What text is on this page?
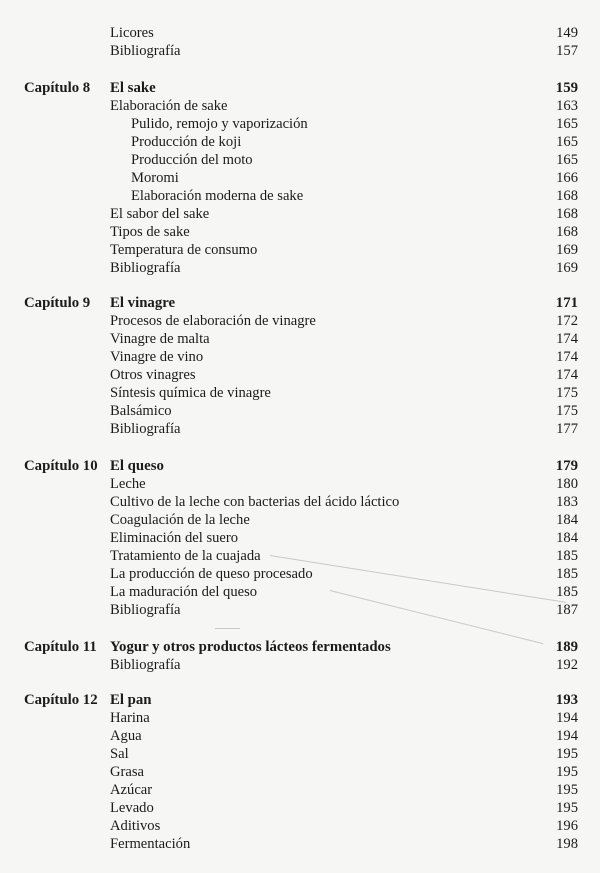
Licores	149
Bibliografía	157
Capítulo 8 El sake	159
Elaboración de sake	163
Pulido, remojo y vaporización	165
Producción de koji	165
Producción del moto	165
Moromi	166
Elaboración moderna de sake	168
El sabor del sake	168
Tipos de sake	168
Temperatura de consumo	169
Bibliografía	169
Capítulo 9 El vinagre	171
Procesos de elaboración de vinagre	172
Vinagre de malta	174
Vinagre de vino	174
Otros vinagres	174
Síntesis química de vinagre	175
Balsámico	175
Bibliografía	177
Capítulo 10 El queso	179
Leche	180
Cultivo de la leche con bacterias del ácido láctico	183
Coagulación de la leche	184
Eliminación del suero	184
Tratamiento de la cuajada	185
La producción de queso procesado	185
La maduración del queso	185
Bibliografía	187
Capítulo 11 Yogur y otros productos lácteos fermentados	189
Bibliografía	192
Capítulo 12 El pan	193
Harina	194
Agua	194
Sal	195
Grasa	195
Azúcar	195
Levado	195
Aditivos	196
Fermentación	198
